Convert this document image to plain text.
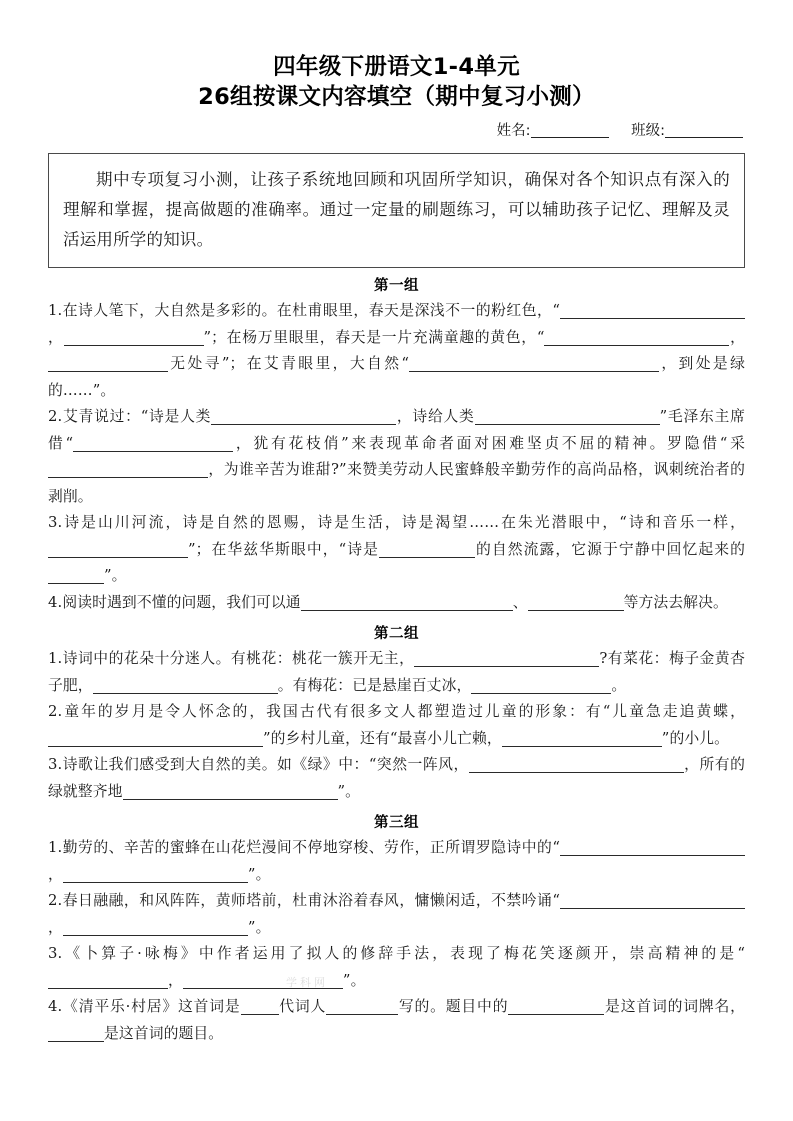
四年级下册语文1-4单元
26组按课文内容填空（期中复习小测）
姓名:	班级:
期中专项复习小测，让孩子系统地回顾和巩固所学知识，确保对各个知识点有深入的理解和掌握，提高做题的准确率。通过一定量的刷题练习，可以辅助孩子记忆、理解及灵活运用所学的知识。
第一组
1.在诗人笔下，大自然是多彩的。在杜甫眼里，春天是深浅不一的粉红色，“，	”；在杨万里眼里，春天是一片充满童趣的黄色，“	，无处寻”；在艾青眼里，大自然“	，到处是绿的……”。
2.艾青说过：“诗是人类	，诗给人类	”毛泽东主席借“	，犹有花枝俏”来表现革命者面对困难坚贞不屈的精神。罗隐借“采，为谁辛苦为谁甜?”来赞美劳动人民蜜蜂般辛勤劳作的高尚品格，讽刺统治者的剥削。
3.诗是山川河流，诗是自然的恩赐，诗是生活，诗是渴望……在朱光潜眼中，“诗和音乐一样，”；在华兹华斯眼中，“诗是	的自然流露，它源于宁静中回忆起来的”。
4.阅读时遇到不懂的问题，我们可以通	、	等方法去解决。
第二组
1.诗词中的花朵十分迷人。有桃花：桃花一簇开无主，	?有菜花：梅子金黄杏子肥，	。有梅花：已是悬崖百丈冰，	。
2.童年的岁月是令人怀念的，我国古代有很多文人都塑造过儿童的形象：有“儿童急走追黄蝶，”的乡村儿童，还有“最喜小儿亡赖，	”的小儿。
3.诗歌让我们感受到大自然的美。如《绿》中：“突然一阵风，	，所有的绿就整齐地	”。
第三组
1.勤劳的、辛苦的蜜蜂在山花烂漫间不停地穿梭、劳作，正所谓罗隐诗中的“，	”。
2.春日融融，和风阵阵，黄师塔前，杜甫沐浴着春风，慵懒闲适，不禁吟诵“，	”。
3.《卜算子·咏梅》中作者运用了拟人的修辞手法，表现了梅花笑逐颜开，崇高精神的是“，	”。
4.《清平乐·村居》这首词是	代词人	写的。题目中的	是这首词的词牌名，是这首词的题目。
学科网
